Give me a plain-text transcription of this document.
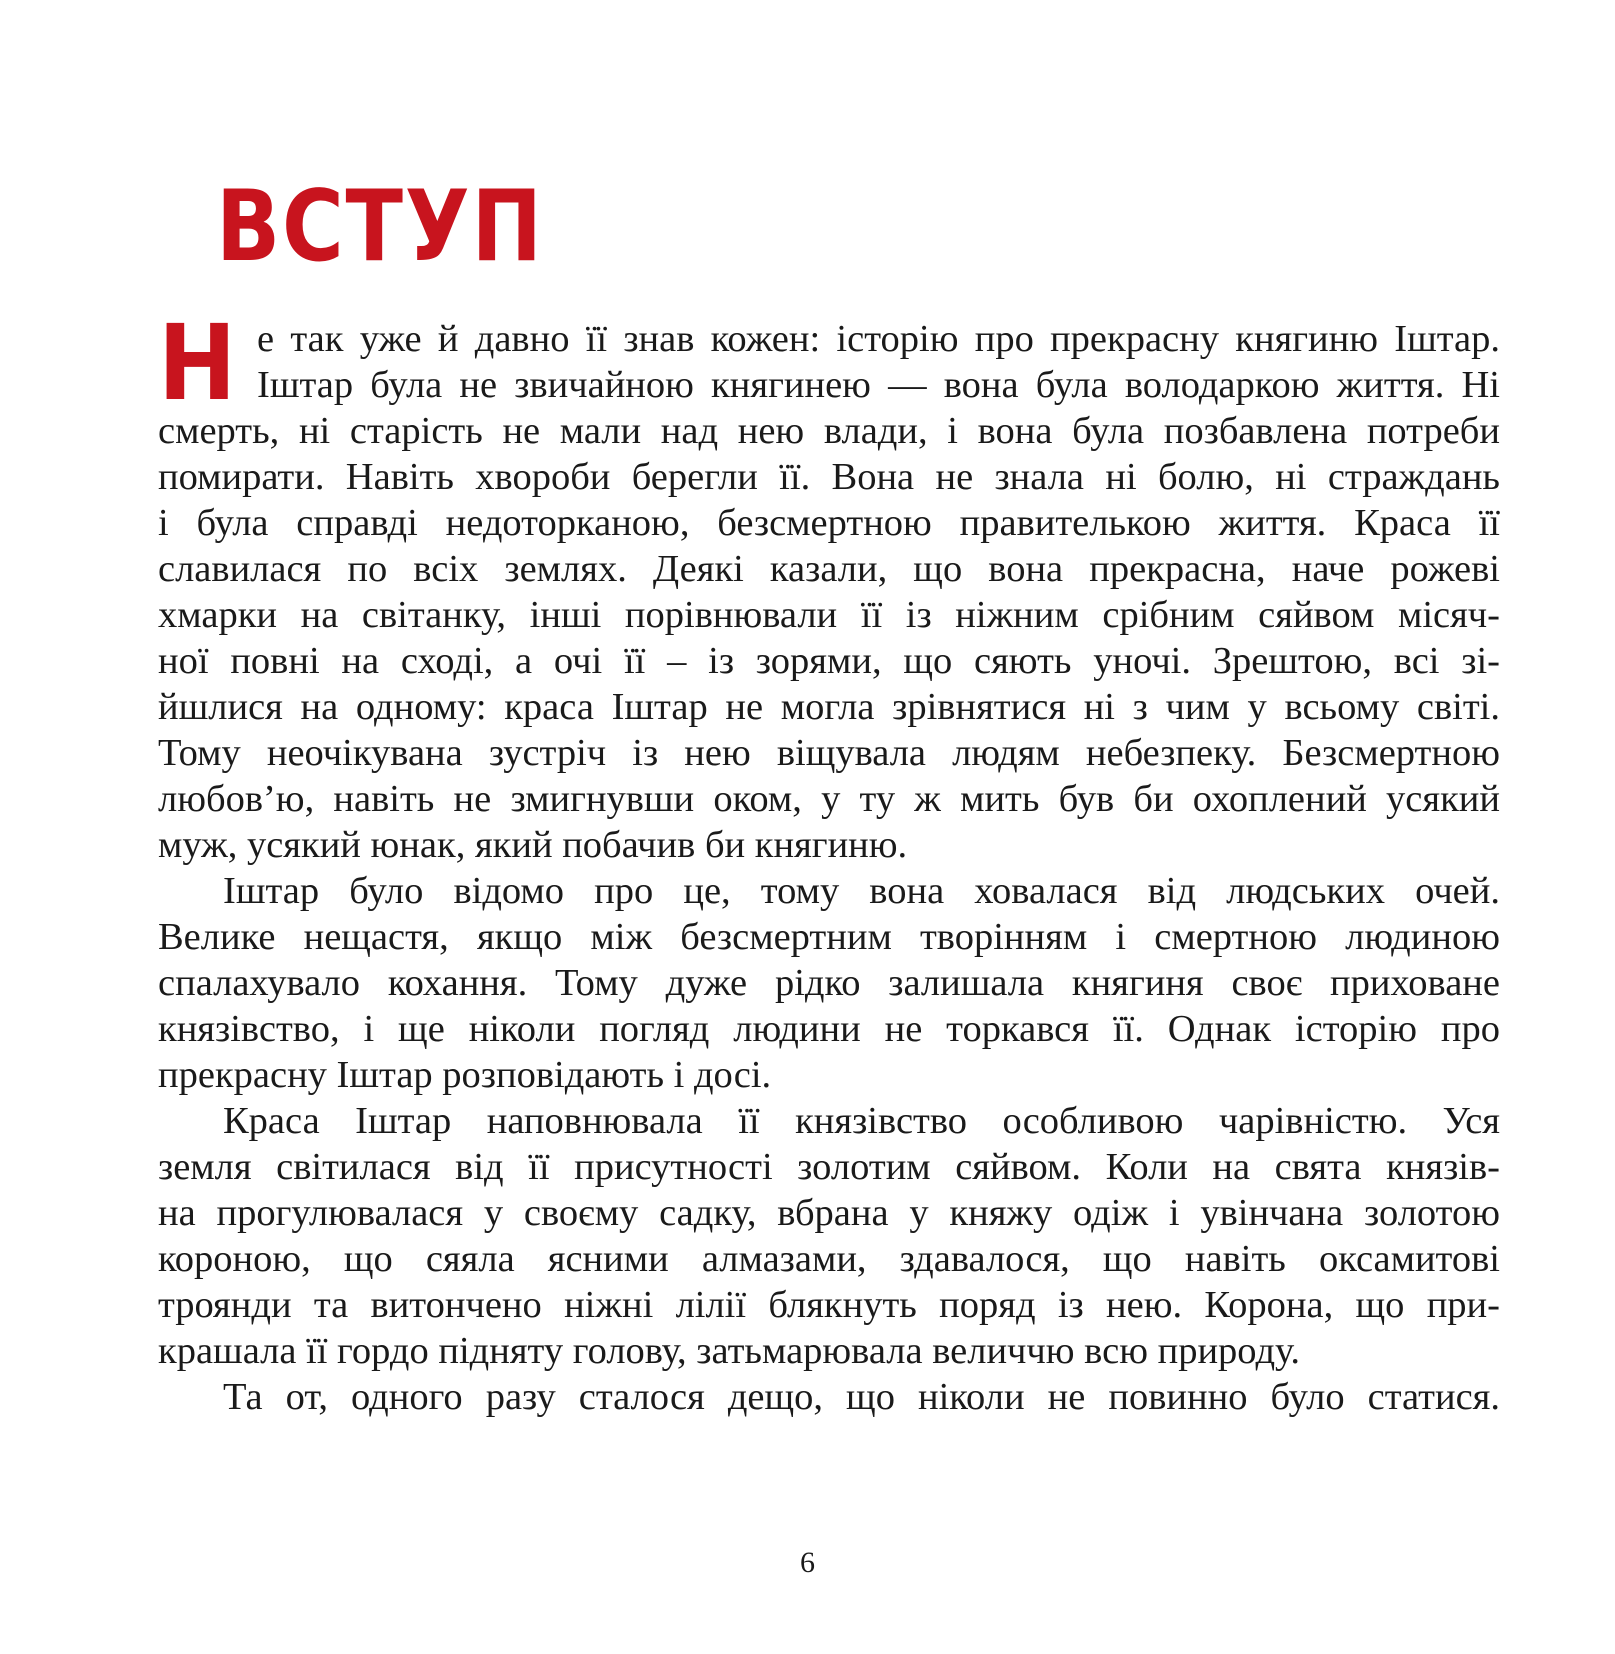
ВСТУП
Н е так уже й давно її знав кожен: історію про прекрасну княгиню Іштар.
Іштар була не звичайною княгинею — вона була володаркою життя. Ні
смерть, ні старість не мали над нею влади, і вона була позбавлена потреби
помирати. Навіть хвороби берегли її. Вона не знала ні болю, ні страждань
і була справді недоторканою, безсмертною правителькою життя. Краса її
славилася по всіх землях. Деякі казали, що вона прекрасна, наче рожеві
хмарки на світанку, інші порівнювали її із ніжним срібним сяйвом місяч-
ної повні на сході, а очі її – із зорями, що сяють уночі. Зрештою, всі зі-
йшлися на одному: краса Іштар не могла зрівнятися ні з чим у всьому світі.
Тому неочікувана зустріч із нею віщувала людям небезпеку. Безсмертною
любов’ю, навіть не змигнувши оком, у ту ж мить був би охоплений усякий
муж, усякий юнак, який побачив би княгиню.
Іштар було відомо про це, тому вона ховалася від людських очей.
Велике нещастя, якщо між безсмертним творінням і смертною людиною
спалахувало кохання. Тому дуже рідко залишала княгиня своє приховане
князівство, і ще ніколи погляд людини не торкався її. Однак історію про
прекрасну Іштар розповідають і досі.
Краса Іштар наповнювала її князівство особливою чарівністю. Уся
земля світилася від її присутності золотим сяйвом. Коли на свята князів-
на прогулювалася у своєму садку, вбрана у княжу одіж і увінчана золотою
короною, що сяяла ясними алмазами, здавалося, що навіть оксамитові
троянди та витончено ніжні лілії блякнуть поряд із нею. Корона, що при-
крашала її гордо підняту голову, затьмарювала величчю всю природу.
Та от, одного разу сталося дещо, що ніколи не повинно було статися.

6
